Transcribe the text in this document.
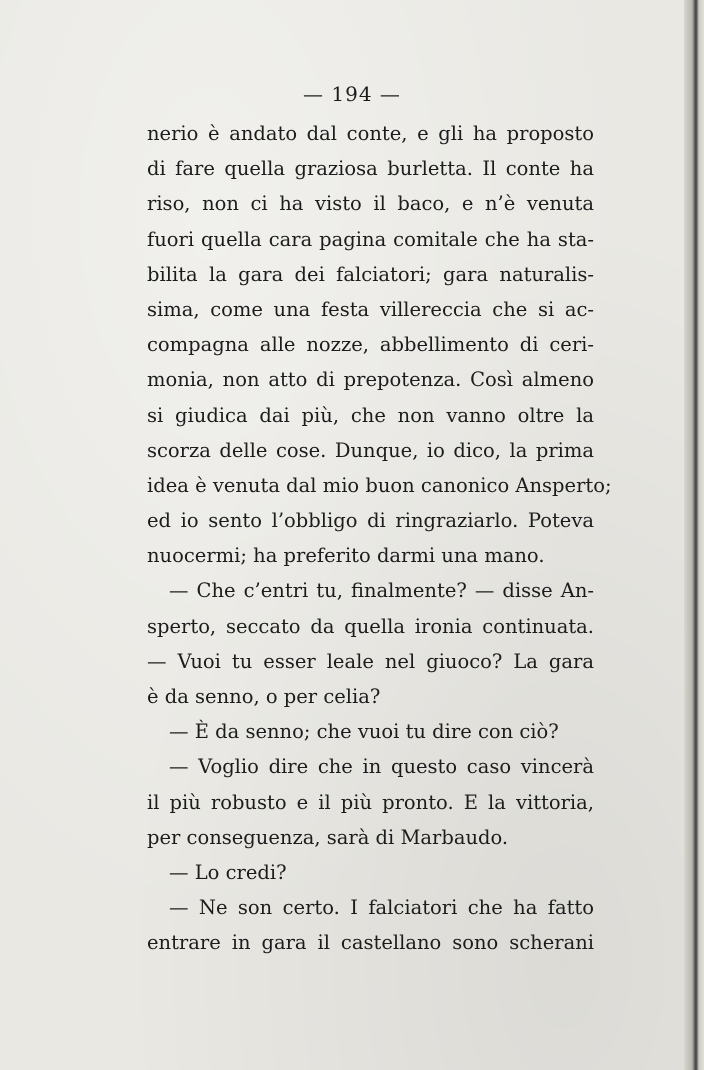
— 194 —
nerio è andato dal conte, e gli ha proposto
di fare quella graziosa burletta. Il conte ha
riso, non ci ha visto il baco, e n’è venuta
fuori quella cara pagina comitale che ha sta-
bilita la gara dei falciatori; gara naturalis-
sima, come una festa villereccia che si ac-
compagna alle nozze, abbellimento di ceri-
monia, non atto di prepotenza. Così almeno
si giudica dai più, che non vanno oltre la
scorza delle cose. Dunque, io dico, la prima
idea è venuta dal mio buon canonico Ansperto;
ed io sento l’obbligo di ringraziarlo. Poteva
nuocermi; ha preferito darmi una mano.
— Che c’entri tu, finalmente? — disse An-
sperto, seccato da quella ironia continuata.
— Vuoi tu esser leale nel giuoco? La gara
è da senno, o per celia?
— È da senno; che vuoi tu dire con ciò?
— Voglio dire che in questo caso vincerà
il più robusto e il più pronto. E la vittoria,
per conseguenza, sarà di Marbaudo.
— Lo credi?
— Ne son certo. I falciatori che ha fatto
entrare in gara il castellano sono scherani
